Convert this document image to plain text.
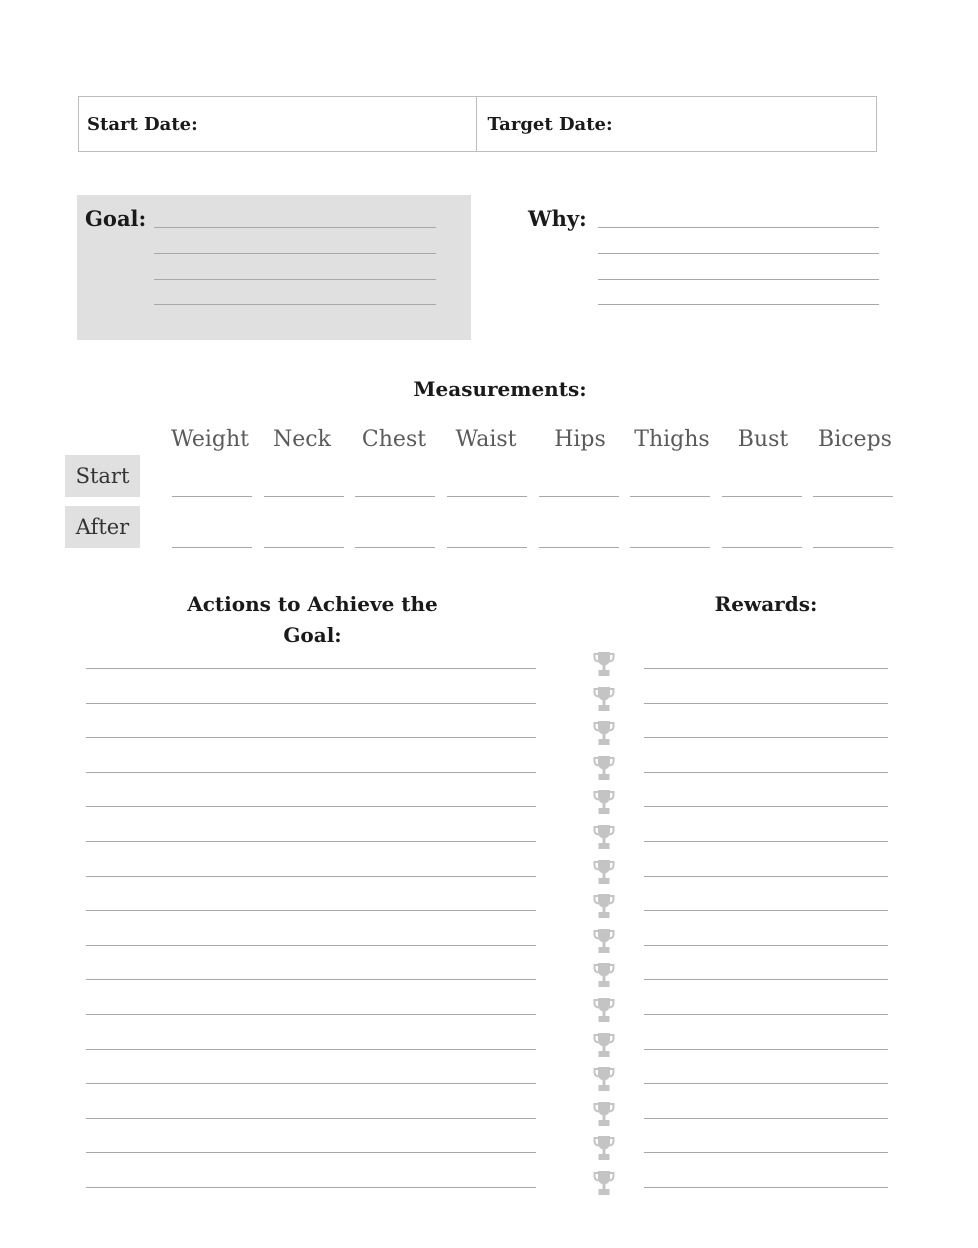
Start Date:	Target Date:
Goal:	Why:
Measurements:
Weight	Neck	Chest	Waist	Hips	Thighs	Bust	Biceps
Start
After
Actions to Achieve the Goal:
Rewards:
